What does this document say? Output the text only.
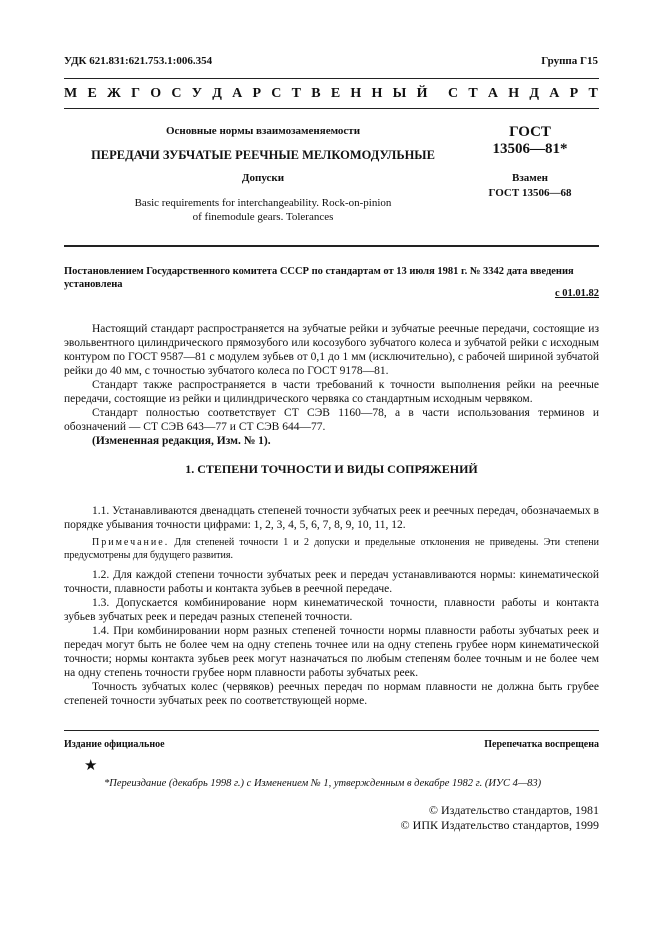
УДК 621.831:621.753.1:006.354	Группа Г15
М Е Ж Г О С У Д А Р С Т В Е Н Н Ы Й С Т А Н Д А Р Т
Основные нормы взаимозаменяемости
ПЕРЕДАЧИ ЗУБЧАТЫЕ РЕЕЧНЫЕ МЕЛКОМОДУЛЬНЫЕ
Допуски
Basic requirements for interchangeability. Rock-on-pinion
of finemodule gears. Tolerances
ГОСТ
13506—81*
Взамен
ГОСТ 13506—68
Постановлением Государственного комитета СССР по стандартам от 13 июля 1981 г. № 3342 дата введения установлена
с 01.01.82

Настоящий стандарт распространяется на зубчатые рейки и зубчатые реечные передачи, состоящие из эвольвентного цилиндрического прямозубого или косозубого зубчатого колеса и зубчатой рейки с исходным контуром по ГОСТ 9587—81 с модулем зубьев от 0,1 до 1 мм (исключительно), с рабочей шириной зубчатой рейки до 40 мм, с точностью зубчатого колеса по ГОСТ 9178—81.

Стандарт также распространяется в части требований к точности выполнения рейки на реечные передачи, состоящие из рейки и цилиндрического червяка со стандартным исходным червяком.

Стандарт полностью соответствует СТ СЭВ 1160—78, а в части использования терминов и обозначений — СТ СЭВ 643—77 и СТ СЭВ 644—77.

(Измененная редакция, Изм. № 1).

1. СТЕПЕНИ ТОЧНОСТИ И ВИДЫ СОПРЯЖЕНИЙ

1.1. Устанавливаются двенадцать степеней точности зубчатых реек и реечных передач, обозначаемых в порядке убывания точности цифрами: 1, 2, 3, 4, 5, 6, 7, 8, 9, 10, 11, 12.

Примечание. Для степеней точности 1 и 2 допуски и предельные отклонения не приведены. Эти степени предусмотрены для будущего развития.

1.2. Для каждой степени точности зубчатых реек и передач устанавливаются нормы: кинематической точности, плавности работы и контакта зубьев в реечной передаче.

1.3. Допускается комбинирование норм кинематической точности, плавности работы и контакта зубьев зубчатых реек и передач разных степеней точности.

1.4. При комбинировании норм разных степеней точности нормы плавности работы зубчатых реек и передач могут быть не более чем на одну степень точнее или на одну степень грубее норм кинематической точности; нормы контакта зубьев реек могут назначаться по любым степеням более точным и не более чем на одну степень точности грубее норм плавности работы зубчатых реек.

Точность зубчатых колес (червяков) реечных передач по нормам плавности не должна быть грубее степеней точности зубчатых реек по соответствующей норме.

Издание официальное	Перепечатка воспрещена
★
*Переиздание (декабрь 1998 г.) с Изменением № 1, утвержденным в декабре 1982 г. (ИУС 4—83)
© Издательство стандартов, 1981
© ИПК Издательство стандартов, 1999
